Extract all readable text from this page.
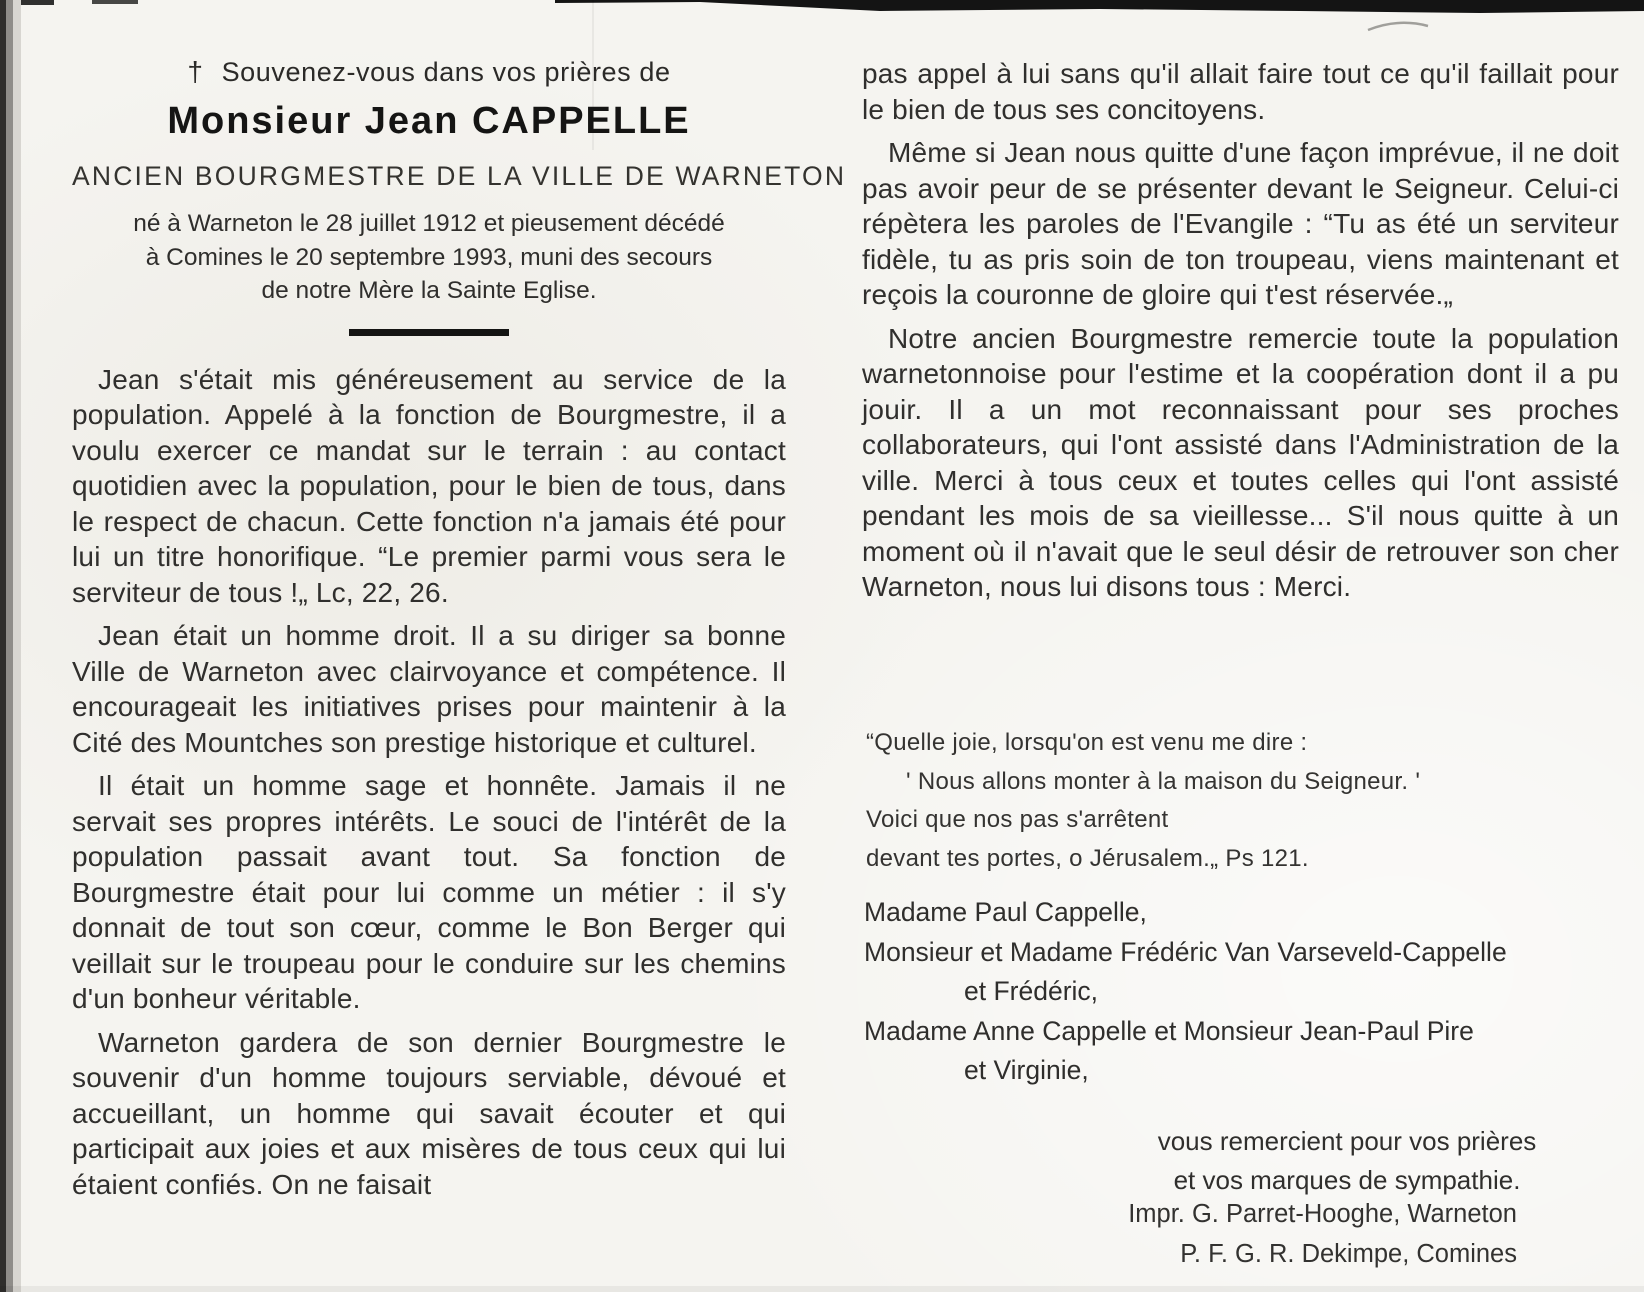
† Souvenez-vous dans vos prières de
Monsieur Jean CAPPELLE
ANCIEN BOURGMESTRE DE LA VILLE DE WARNETON
né à Warneton le 28 juillet 1912 et pieusement décédé
à Comines le 20 septembre 1993, muni des secours
de notre Mère la Sainte Eglise.

Jean s'était mis généreusement au service de la population. Appelé à la fonction de Bourgmestre, il a voulu exercer ce mandat sur le terrain : au contact quotidien avec la population, pour le bien de tous, dans le respect de chacun. Cette fonction n'a jamais été pour lui un titre honorifique. “Le premier parmi vous sera le serviteur de tous !„ Lc, 22, 26.

Jean était un homme droit. Il a su diriger sa bonne Ville de Warneton avec clairvoyance et compétence. Il encourageait les initiatives prises pour maintenir à la Cité des Mountches son prestige historique et culturel.

Il était un homme sage et honnête. Jamais il ne servait ses propres intérêts. Le souci de l'intérêt de la population passait avant tout. Sa fonction de Bourgmestre était pour lui comme un métier : il s'y donnait de tout son cœur, comme le Bon Berger qui veillait sur le troupeau pour le conduire sur les chemins d'un bonheur véritable.

Warneton gardera de son dernier Bourgmestre le souvenir d'un homme toujours serviable, dévoué et accueillant, un homme qui savait écouter et qui participait aux joies et aux misères de tous ceux qui lui étaient confiés. On ne faisait

pas appel à lui sans qu'il allait faire tout ce qu'il faillait pour le bien de tous ses concitoyens.

Même si Jean nous quitte d'une façon imprévue, il ne doit pas avoir peur de se présenter devant le Seigneur. Celui-ci répètera les paroles de l'Evangile : “Tu as été un serviteur fidèle, tu as pris soin de ton troupeau, viens maintenant et reçois la couronne de gloire qui t'est réservée.„

Notre ancien Bourgmestre remercie toute la population warnetonnoise pour l'estime et la coopération dont il a pu jouir. Il a un mot reconnaissant pour ses proches collaborateurs, qui l'ont assisté dans l'Administration de la ville. Merci à tous ceux et toutes celles qui l'ont assisté pendant les mois de sa vieillesse... S'il nous quitte à un moment où il n'avait que le seul désir de retrouver son cher Warneton, nous lui disons tous : Merci.

“Quelle joie, lorsqu'on est venu me dire :
' Nous allons monter à la maison du Seigneur. '
Voici que nos pas s'arrêtent
devant tes portes, o Jérusalem.„ Ps 121.
Madame Paul Cappelle,
Monsieur et Madame Frédéric Van Varseveld-Cappelle
et Frédéric,
Madame Anne Cappelle et Monsieur Jean-Paul Pire
et Virginie,
vous remercient pour vos prières
et vos marques de sympathie.
Impr. G. Parret-Hooghe, Warneton
P. F. G. R. Dekimpe, Comines
